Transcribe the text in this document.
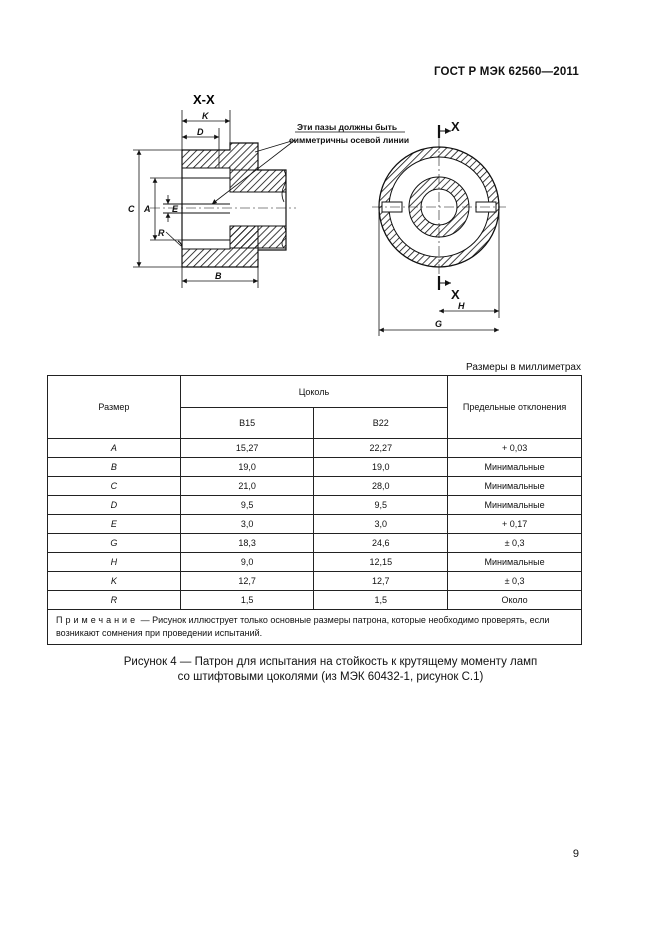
ГОСТ Р МЭК 62560—2011
X-X
K
D
C A E
R
B
Эти пазы должны быть
симметричны осевой линии
X
X
H
G
Размеры в миллиметрах
Размер	Цоколь		Предельные отклонения
	B15	B22	
A	15,27	22,27	+ 0,03
B	19,0	19,0	Минимальные
C	21,0	28,0	Минимальные
D	9,5	9,5	Минимальные
E	3,0	3,0	+ 0,17
G	18,3	24,6	± 0,3
H	9,0	12,15	Минимальные
K	12,7	12,7	± 0,3
R	1,5	1,5	Около
Примечание — Рисунок иллюструет только основные размеры патрона, которые необходимо проверять, если возникают сомнения при проведении испытаний.			
Рисунок 4 — Патрон для испытания на стойкость к крутящему моменту ламп
со штифтовыми цоколями (из МЭК 60432-1, рисунок C.1)
9
